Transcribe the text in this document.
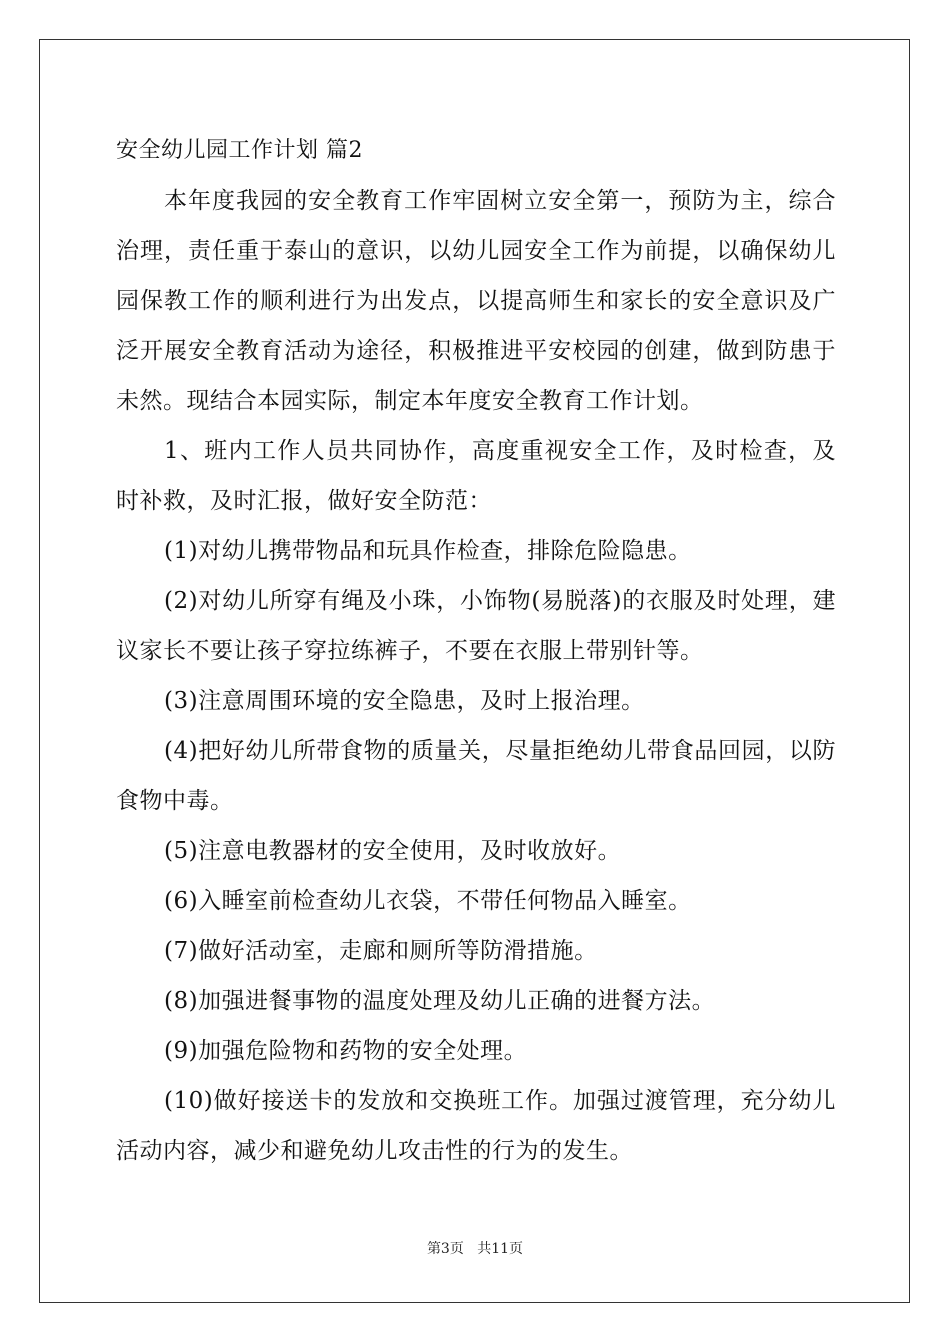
安全幼儿园工作计划 篇2

本年度我园的安全教育工作牢固树立安全第一，预防为主，综合治理，责任重于泰山的意识，以幼儿园安全工作为前提，以确保幼儿园保教工作的顺利进行为出发点，以提高师生和家长的安全意识及广泛开展安全教育活动为途径，积极推进平安校园的创建，做到防患于未然。现结合本园实际，制定本年度安全教育工作计划。

1、班内工作人员共同协作，高度重视安全工作，及时检查，及时补救，及时汇报，做好安全防范：

(1)对幼儿携带物品和玩具作检查，排除危险隐患。

(2)对幼儿所穿有绳及小珠，小饰物(易脱落)的衣服及时处理，建议家长不要让孩子穿拉练裤子，不要在衣服上带别针等。

(3)注意周围环境的安全隐患，及时上报治理。

(4)把好幼儿所带食物的质量关，尽量拒绝幼儿带食品回园，以防食物中毒。

(5)注意电教器材的安全使用，及时收放好。

(6)入睡室前检查幼儿衣袋，不带任何物品入睡室。

(7)做好活动室，走廊和厕所等防滑措施。

(8)加强进餐事物的温度处理及幼儿正确的进餐方法。

(9)加强危险物和药物的安全处理。

(10)做好接送卡的发放和交换班工作。加强过渡管理，充分幼儿活动内容，减少和避免幼儿攻击性的行为的发生。

第3页 共11页
